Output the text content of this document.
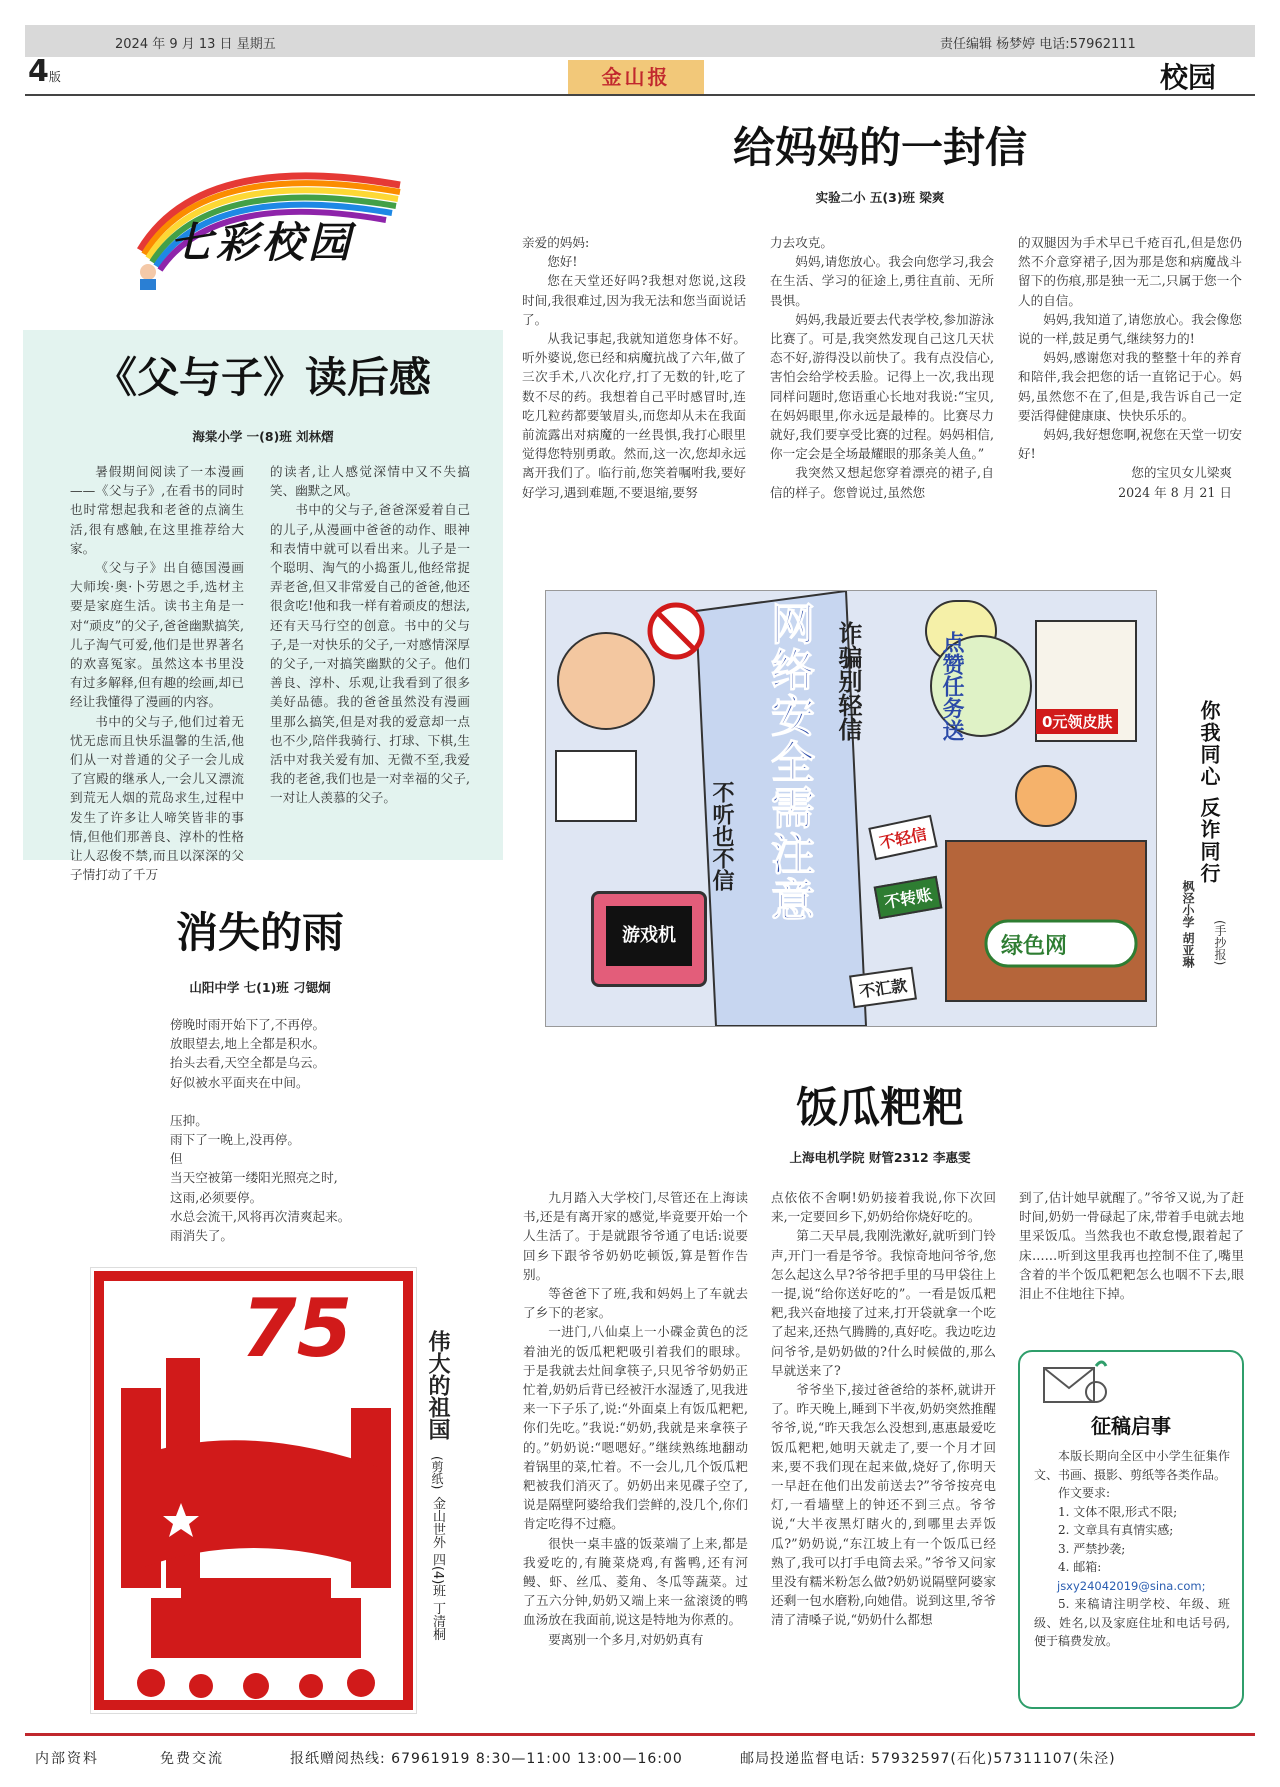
2024 年 9 月 13 日 星期五	责任编辑 杨梦婷 电话:57962111
4版	金山报	校园
七彩校园
《父与子》读后感
海棠小学 一(8)班 刘林熠

暑假期间阅读了一本漫画——《父与子》,在看书的同时也时常想起我和老爸的点滴生活,很有感触,在这里推荐给大家。

《父与子》出自德国漫画大师埃·奥·卜劳恩之手,选材主要是家庭生活。读书主角是一对“顽皮”的父子,爸爸幽默搞笑,儿子淘气可爱,他们是世界著名的欢喜冤家。虽然这本书里没有过多解释,但有趣的绘画,却已经让我懂得了漫画的内容。

书中的父与子,他们过着无忧无虑而且快乐温馨的生活,他们从一对普通的父子一会儿成了宫殿的继承人,一会儿又漂流到荒无人烟的荒岛求生,过程中发生了许多让人啼笑皆非的事情,但他们那善良、淳朴的性格让人忍俊不禁,而且以深深的父子情打动了千万

的读者,让人感觉深情中又不失搞笑、幽默之风。

书中的父与子,爸爸深爱着自己的儿子,从漫画中爸爸的动作、眼神和表情中就可以看出来。儿子是一个聪明、淘气的小捣蛋儿,他经常捉弄老爸,但又非常爱自己的爸爸,他还很贪吃!他和我一样有着顽皮的想法,还有天马行空的创意。书中的父与子,是一对快乐的父子,一对感情深厚的父子,一对搞笑幽默的父子。他们善良、淳朴、乐观,让我看到了很多美好品德。我的爸爸虽然没有漫画里那么搞笑,但是对我的爱意却一点也不少,陪伴我骑行、打球、下棋,生活中对我关爱有加、无微不至,我爱我的老爸,我们也是一对幸福的父子,一对让人羡慕的父子。

消失的雨
山阳中学 七(1)班 刁锶炯

傍晚时雨开始下了,不再停。

放眼望去,地上全都是积水。

抬头去看,天空全都是乌云。

好似被水平面夹在中间。

压抑。

雨下了一晚上,没再停。

但

当天空被第一缕阳光照亮之时,

这雨,必须要停。

水总会流干,风将再次清爽起来。

雨消失了。

75
伟大的祖国 (剪纸) 金山世外 四(4)班 丁清桐
给妈妈的一封信
实验二小 五(3)班 梁爽

亲爱的妈妈:

您好!

您在天堂还好吗?我想对您说,这段时间,我很难过,因为我无法和您当面说话了。

从我记事起,我就知道您身体不好。听外婆说,您已经和病魔抗战了六年,做了三次手术,八次化疗,打了无数的针,吃了数不尽的药。我想着自己平时感冒时,连吃几粒药都要皱眉头,而您却从未在我面前流露出对病魔的一丝畏惧,我打心眼里觉得您特别勇敢。然而,这一次,您却永远离开我们了。临行前,您笑着嘱咐我,要好好学习,遇到难题,不要退缩,要努

力去攻克。

妈妈,请您放心。我会向您学习,我会在生活、学习的征途上,勇往直前、无所畏惧。

妈妈,我最近要去代表学校,参加游泳比赛了。可是,我突然发现自己这几天状态不好,游得没以前快了。我有点没信心,害怕会给学校丢脸。记得上一次,我出现同样问题时,您语重心长地对我说:“宝贝,在妈妈眼里,你永远是最棒的。比赛尽力就好,我们要享受比赛的过程。妈妈相信,你一定会是全场最耀眼的那条美人鱼。”

我突然又想起您穿着漂亮的裙子,自信的样子。您曾说过,虽然您

的双腿因为手术早已千疮百孔,但是您仍然不介意穿裙子,因为那是您和病魔战斗留下的伤痕,那是独一无二,只属于您一个人的自信。

妈妈,我知道了,请您放心。我会像您说的一样,鼓足勇气,继续努力的!

妈妈,感谢您对我的整整十年的养育和陪伴,我会把您的话一直铭记于心。妈妈,虽然您不在了,但是,我告诉自己一定要活得健健康康、快快乐乐的。

妈妈,我好想您啊,祝您在天堂一切安好!

您的宝贝女儿梁爽

2024 年 8 月 21 日

网络安全需注意 诈骗别轻信
不听也不信
点赞任务送	0元领皮肤
游戏机
不轻信
不转账
不汇款
绿色网
你我同心 反诈同行
(手抄报)
枫泾小学 胡亚琳
饭瓜粑粑
上海电机学院 财管2312 李惠雯

九月踏入大学校门,尽管还在上海读书,还是有离开家的感觉,毕竟要开始一个人生活了。于是就跟爷爷通了电话:说要回乡下跟爷爷奶奶吃顿饭,算是暂作告别。

等爸爸下了班,我和妈妈上了车就去了乡下的老家。

一进门,八仙桌上一小碟金黄色的泛着油光的饭瓜粑粑吸引着我们的眼球。于是我就去灶间拿筷子,只见爷爷奶奶正忙着,奶奶后背已经被汗水湿透了,见我进来一下子乐了,说:“外面桌上有饭瓜粑粑,你们先吃。”我说:“奶奶,我就是来拿筷子的。”奶奶说:“嗯嗯好。”继续熟练地翻动着锅里的菜,忙着。不一会儿,几个饭瓜粑粑被我们消灭了。奶奶出来见碟子空了,说是隔壁阿婆给我们尝鲜的,没几个,你们肯定吃得不过瘾。

很快一桌丰盛的饭菜端了上来,都是我爱吃的,有腌菜烧鸡,有酱鸭,还有河鳗、虾、丝瓜、菱角、冬瓜等蔬菜。过了五六分钟,奶奶又端上来一盆滚烫的鸭血汤放在我面前,说这是特地为你煮的。

要离别一个多月,对奶奶真有

点依依不舍啊!奶奶接着我说,你下次回来,一定要回乡下,奶奶给你烧好吃的。

第二天早晨,我刚洗漱好,就听到门铃声,开门一看是爷爷。我惊奇地问爷爷,您怎么起这么早?爷爷把手里的马甲袋往上一提,说“给你送好吃的”。一看是饭瓜粑粑,我兴奋地接了过来,打开袋就拿一个吃了起来,还热气腾腾的,真好吃。我边吃边问爷爷,是奶奶做的?什么时候做的,那么早就送来了?

爷爷坐下,接过爸爸给的茶杯,就讲开了。昨天晚上,睡到下半夜,奶奶突然推醒爷爷,说,“昨天我怎么没想到,惠惠最爱吃饭瓜粑粑,她明天就走了,要一个月才回来,要不我们现在起来做,烧好了,你明天一早赶在他们出发前送去?”爷爷按亮电灯,一看墙壁上的钟还不到三点。爷爷说,“大半夜黑灯瞎火的,到哪里去弄饭瓜?”奶奶说,“东江坡上有一个饭瓜已经熟了,我可以打手电筒去采。”爷爷又问家里没有糯米粉怎么做?奶奶说隔壁阿婆家还剩一包水磨粉,向她借。说到这里,爷爷清了清嗓子说,“奶奶什么都想

到了,估计她早就醒了。”爷爷又说,为了赶时间,奶奶一骨碌起了床,带着手电就去地里采饭瓜。当然我也不敢怠慢,跟着起了床……听到这里我再也控制不住了,嘴里含着的半个饭瓜粑粑怎么也咽不下去,眼泪止不住地往下掉。

征稿启事

本版长期向全区中小学生征集作文、书画、摄影、剪纸等各类作品。

作文要求:

1. 文体不限,形式不限;

2. 文章具有真情实感;

3. 严禁抄袭;

4. 邮箱:

jsxy24042019@sina.com;

5. 来稿请注明学校、年级、班级、姓名,以及家庭住址和电话号码,便于稿费发放。

内部资料	免费交流	报纸赠阅热线: 67961919 8:30—11:00 13:00—16:00	邮局投递监督电话: 57932597(石化)57311107(朱泾)
